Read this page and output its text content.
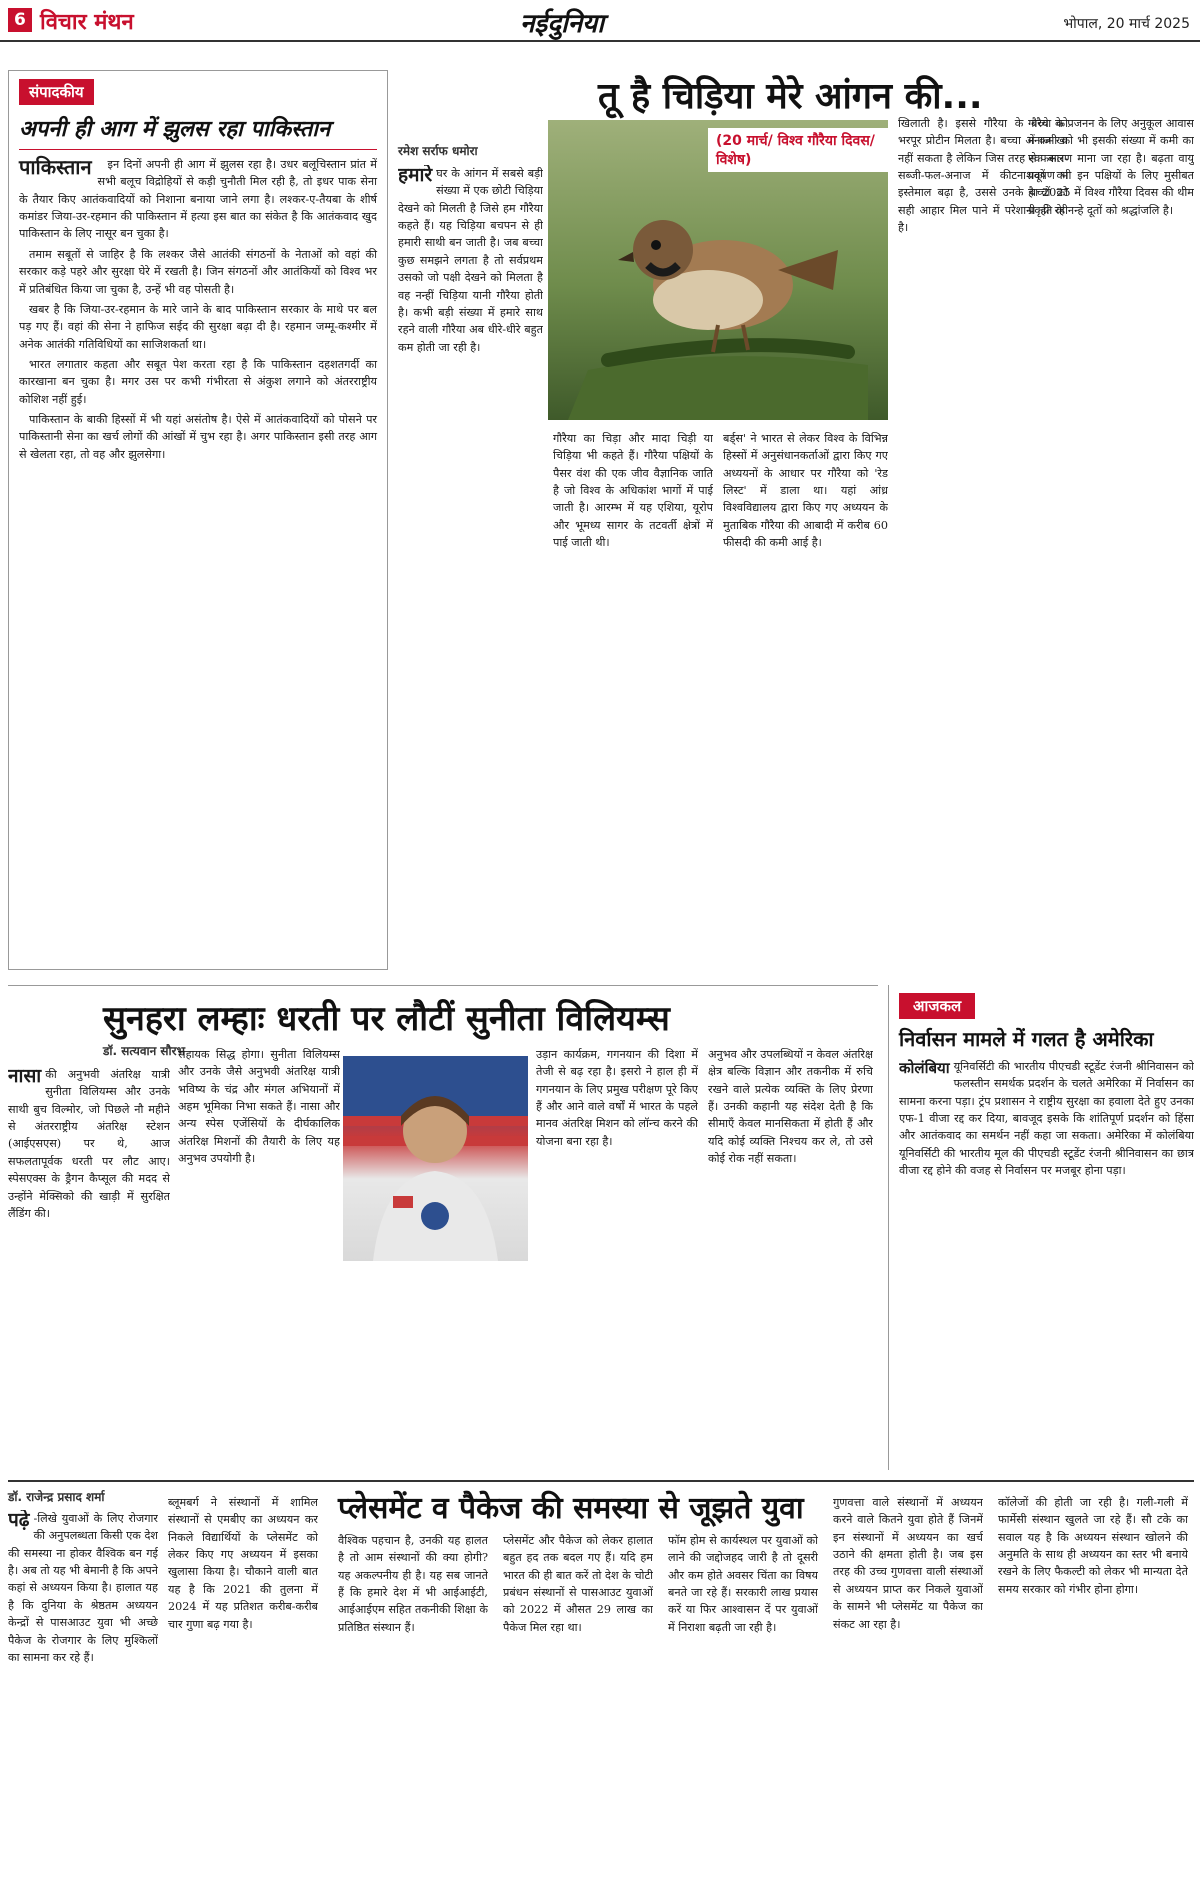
6 विचार मंथन	नईदुनिया	भोपाल, 20 मार्च 2025
संपादकीय
अपनी ही आग में झुलस रहा पाकिस्तान
पाकिस्तान	इन दिनों अपनी ही आग में झुलस रहा है। उधर बलूचिस्तान प्रांत में सभी बलूच विद्रोहियों से कड़ी चुनौती मिल रही है, तो इधर पाक सेना के तैयार किए आतंकवादियों को निशाना बनाया जाने लगा है। लश्कर-ए-तैयबा के शीर्ष कमांडर जिया-उर-रहमान की पाकिस्तान में हत्या इस बात का संकेत है कि आतंकवाद खुद पाकिस्तान के लिए नासूर बन चुका है।

तमाम सबूतों से जाहिर है कि लश्कर जैसे आतंकी संगठनों के नेताओं को वहां की सरकार कड़े पहरे और सुरक्षा घेरे में रखती है। जिन संगठनों और आतंकियों को विश्व भर में प्रतिबंधित किया जा चुका है, उन्हें भी वह पोसती है।

खबर है कि जिया-उर-रहमान के मारे जाने के बाद पाकिस्तान सरकार के माथे पर बल पड़ गए हैं। वहां की सेना ने हाफिज सईद की सुरक्षा बढ़ा दी है। रहमान जम्मू-कश्मीर में अनेक आतंकी गतिविधियों का साजिशकर्ता था।

भारत लगातार कहता और सबूत पेश करता रहा है कि पाकिस्तान दहशतगर्दी का कारखाना बन चुका है। मगर उस पर कभी गंभीरता से अंकुश लगाने को अंतरराष्ट्रीय कोशिश नहीं हुई।

पाकिस्तान के बाकी हिस्सों में भी यहां असंतोष है। ऐसे में आतंकवादियों को पोसने पर पाकिस्तानी सेना का खर्च लोगों की आंखों में चुभ रहा है। अगर पाकिस्तान इसी तरह आग से खेलता रहा, तो वह और झुलसेगा।

तू है चिड़िया मेरे आंगन की...
रमेश सर्राफ धमोरा
हमारे घर के आंगन में सबसे बड़ी संख्या में एक छोटी चिड़िया देखने को मिलती है जिसे हम गौरैया कहते हैं। यह चिड़िया बचपन से ही हमारी साथी बन जाती है। जब बच्चा कुछ समझने लगता है तो सर्वप्रथम उसको जो पक्षी देखने को मिलता है वह नन्हीं चिड़िया यानी गौरैया होती है। कभी बड़ी संख्या में हमारे साथ रहने वाली गौरैया अब धीरे-धीरे बहुत कम होती जा रही है।
(20 मार्च/ विश्व गौरैया दिवस/ विशेष)
गौरैया का चिड़ा और मादा चिड़ी या चिड़िया भी कहते हैं। गौरैया पक्षियों के पैसर वंश की एक जीव वैज्ञानिक जाति है जो विश्व के अधिकांश भागों में पाई जाती है। आरम्भ में यह एशिया, यूरोप और भूमध्य सागर के तटवर्ती क्षेत्रों में पाई जाती थी।
बर्ड्स' ने भारत से लेकर विश्व के विभिन्न हिस्सों में अनुसंधानकर्ताओं द्वारा किए गए अध्ययनों के आधार पर गौरैया को 'रेड लिस्ट' में डाला था। यहां आंध्र विश्वविद्यालय द्वारा किए गए अध्ययन के मुताबिक गौरैया की आबादी में करीब 60 फीसदी की कमी आई है।
खिलाती है। इससे गौरैया के बच्चे को भरपूर प्रोटीन मिलता है। बच्चा अनाज खा नहीं सकता है लेकिन जिस तरह से फसल-सब्जी-फल-अनाज में कीटनाशकों का इस्तेमाल बढ़ा है, उससे उनके बच्चों को सही आहार मिल पाने में परेशानी हो रही है।
गौरैया के प्रजनन के लिए अनुकूल आवास में कमी को भी इसकी संख्या में कमी का एक कारण माना जा रहा है। बढ़ता वायु प्रदूषण भी इन पक्षियों के लिए मुसीबत है। 2025 में विश्व गौरैया दिवस की थीम प्रकृति के नन्हे दूतों को श्रद्धांजलि है।
सुनहरा लम्हाः धरती पर लौटीं सुनीता विलियम्स
डॉ. सत्यवान सौरभ
नासा की अनुभवी अंतरिक्ष यात्री सुनीता विलियम्स और उनके साथी बुच विल्मोर, जो पिछले नौ महीने से अंतरराष्ट्रीय अंतरिक्ष स्टेशन (आईएसएस) पर थे, आज सफलतापूर्वक धरती पर लौट आए। स्पेसएक्स के ड्रैगन कैप्सूल की मदद से उन्होंने मेक्सिको की खाड़ी में सुरक्षित लैंडिंग की।
सहायक सिद्ध होगा। सुनीता विलियम्स और उनके जैसे अनुभवी अंतरिक्ष यात्री भविष्य के चंद्र और मंगल अभियानों में अहम भूमिका निभा सकते हैं। नासा और अन्य स्पेस एजेंसियों के दीर्घकालिक अंतरिक्ष मिशनों की तैयारी के लिए यह अनुभव उपयोगी है।
उड़ान कार्यक्रम, गगनयान की दिशा में तेजी से बढ़ रहा है। इसरो ने हाल ही में गगनयान के लिए प्रमुख परीक्षण पूरे किए हैं और आने वाले वर्षों में भारत के पहले मानव अंतरिक्ष मिशन को लॉन्च करने की योजना बना रहा है।
अनुभव और उपलब्धियों न केवल अंतरिक्ष क्षेत्र बल्कि विज्ञान और तकनीक में रुचि रखने वाले प्रत्येक व्यक्ति के लिए प्रेरणा हैं। उनकी कहानी यह संदेश देती है कि सीमाएँ केवल मानसिकता में होती हैं और यदि कोई व्यक्ति निश्चय कर ले, तो उसे कोई रोक नहीं सकता।
आजकल
निर्वासन मामले में गलत है अमेरिका
कोलंबिया यूनिवर्सिटी की भारतीय पीएचडी स्टूडेंट रंजनी श्रीनिवासन को फलस्तीन समर्थक प्रदर्शन के चलते अमेरिका में निर्वासन का सामना करना पड़ा। ट्रंप प्रशासन ने राष्ट्रीय सुरक्षा का हवाला देते हुए उनका एफ-1 वीजा रद्द कर दिया, बावजूद इसके कि शांतिपूर्ण प्रदर्शन को हिंसा और आतंकवाद का समर्थन नहीं कहा जा सकता। अमेरिका में कोलंबिया यूनिवर्सिटी की भारतीय मूल की पीएचडी स्टूडेंट रंजनी श्रीनिवासन का छात्र वीजा रद्द होने की वजह से निर्वासन पर मजबूर होना पड़ा।
डॉ. राजेन्द्र प्रसाद शर्मा	प्लेसमेंट व पैकेज की समस्या से जूझते युवा
पढ़े -लिखे युवाओं के लिए रोजगार की अनुपलब्धता किसी एक देश की समस्या ना होकर वैश्विक बन गई है। अब तो यह भी बेमानी है कि अपने कहां से अध्ययन किया है। हालात यह है कि दुनिया के श्रेष्ठतम अध्ययन केन्द्रों से पासआउट युवा भी अच्छे पैकेज के रोजगार के लिए मुश्किलों का सामना कर रहे हैं।
ब्लूमबर्ग ने संस्थानों में शामिल संस्थानों से एमबीए का अध्ययन कर निकले विद्यार्थियों के प्लेसमेंट को लेकर किए गए अध्ययन में इसका खुलासा किया है। चौकाने वाली बात यह है कि 2021 की तुलना में 2024 में यह प्रतिशत करीब-करीब चार गुणा बढ़ गया है।
वैश्विक पहचान है, उनकी यह हालत है तो आम संस्थानों की क्या होगी? यह अकल्पनीय ही है। यह सब जानते हैं कि हमारे देश में भी आईआईटी, आईआईएम सहित तकनीकी शिक्षा के प्रतिष्ठित संस्थान हैं।
प्लेसमेंट और पैकेज को लेकर हालात बहुत हद तक बदल गए हैं। यदि हम भारत की ही बात करें तो देश के चोटी प्रबंधन संस्थानों से पासआउट युवाओं को 2022 में औसत 29 लाख का पैकेज मिल रहा था।
फॉम होम से कार्यस्थल पर युवाओं को लाने की जद्दोजहद जारी है तो दूसरी और कम होते अवसर चिंता का विषय बनते जा रहे हैं। सरकारी लाख प्रयास करें या फिर आश्वासन दें पर युवाओं में निराशा बढ़ती जा रही है।
गुणवत्ता वाले संस्थानों में अध्ययन करने वाले कितने युवा होते हैं जिनमें इन संस्थानों में अध्ययन का खर्च उठाने की क्षमता होती है। जब इस तरह की उच्च गुणवत्ता वाली संस्थाओं से अध्ययन प्राप्त कर निकले युवाओं के सामने भी प्लेसमेंट या पैकेज का संकट आ रहा है।
कॉलेजों की होती जा रही है। गली-गली में फार्मेसी संस्थान खुलते जा रहे हैं। सौ टके का सवाल यह है कि अध्ययन संस्थान खोलने की अनुमति के साथ ही अध्ययन का स्तर भी बनाये रखने के लिए फैकल्टी को लेकर भी मान्यता देते समय सरकार को गंभीर होना होगा।
